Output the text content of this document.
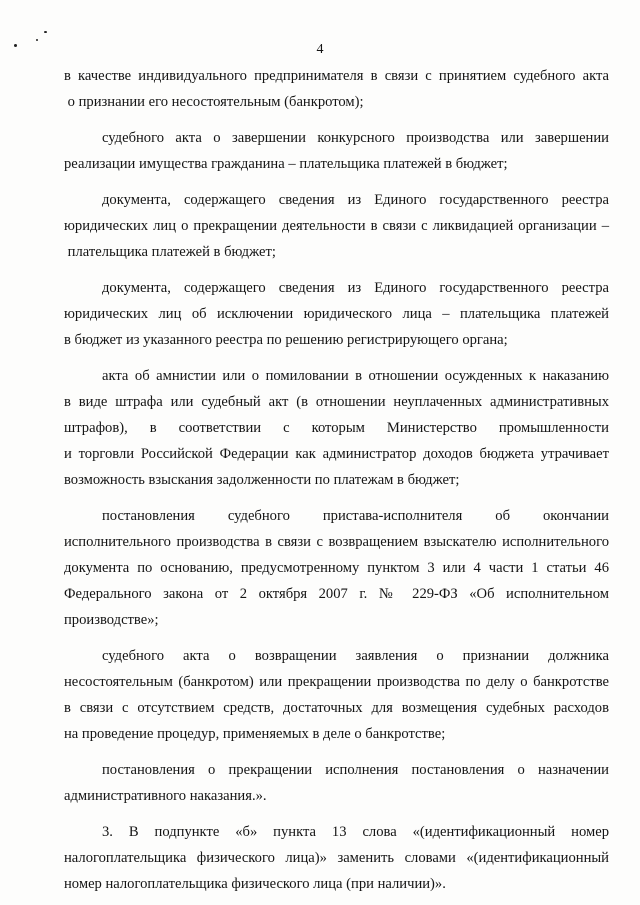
4

в качестве индивидуального предпринимателя в связи с принятием судебного акта
о признании его несостоятельным (банкротом);

судебного акта о завершении конкурсного производства или завершении
реализации имущества гражданина – плательщика платежей в бюджет;

документа, содержащего сведения из Единого государственного реестра
юридических лиц о прекращении деятельности в связи с ликвидацией организации –
плательщика платежей в бюджет;

документа, содержащего сведения из Единого государственного реестра
юридических лиц об исключении юридического лица – плательщика платежей
в бюджет из указанного реестра по решению регистрирующего органа;

акта об амнистии или о помиловании в отношении осужденных к наказанию
в виде штрафа или судебный акт (в отношении неуплаченных административных
штрафов), в соответствии с которым Министерство промышленности
и торговли Российской Федерации как администратор доходов бюджета утрачивает
возможность взыскания задолженности по платежам в бюджет;

постановления судебного пристава-исполнителя об окончании
исполнительного производства в связи с возвращением взыскателю исполнительного
документа по основанию, предусмотренному пунктом 3 или 4 части 1 статьи 46
Федерального закона от 2 октября 2007 г. № 229-ФЗ «Об исполнительном
производстве»;

судебного акта о возвращении заявления о признании должника
несостоятельным (банкротом) или прекращении производства по делу о банкротстве
в связи с отсутствием средств, достаточных для возмещения судебных расходов
на проведение процедур, применяемых в деле о банкротстве;

постановления о прекращении исполнения постановления о назначении
административного наказания.».

3. В подпункте «б» пункта 13 слова «(идентификационный номер
налогоплательщика физического лица)» заменить словами «(идентификационный
номер налогоплательщика физического лица (при наличии)».
